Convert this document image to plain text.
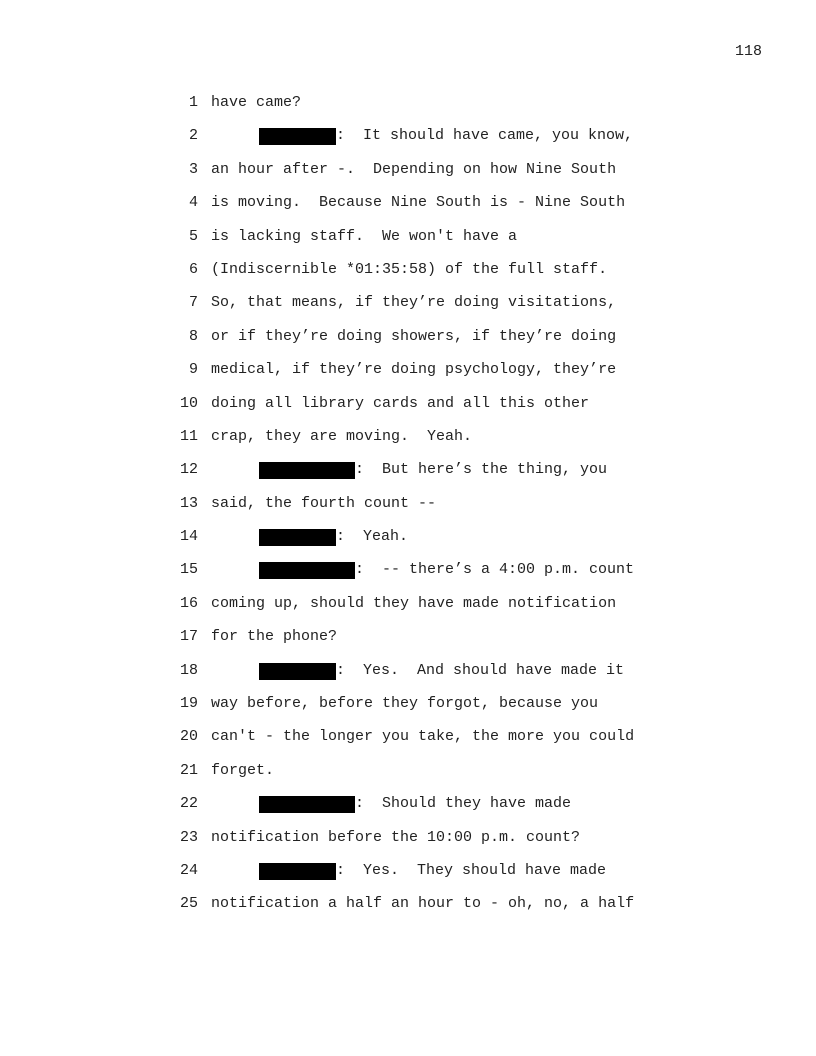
118
1 have came?
2	:  It should have came, you know,
3 an hour after -.  Depending on how Nine South
4 is moving.  Because Nine South is - Nine South
5 is lacking staff.  We won't have a
6 (Indiscernible *01:35:58) of the full staff.
7 So, that means, if they’re doing visitations,
8 or if they’re doing showers, if they’re doing
9 medical, if they’re doing psychology, they’re
10 doing all library cards and all this other
11 crap, they are moving.  Yeah.
12	:  But here’s the thing, you
13 said, the fourth count --
14	:  Yeah.
15	:  -- there’s a 4:00 p.m. count
16 coming up, should they have made notification
17 for the phone?
18	:  Yes.  And should have made it
19 way before, before they forgot, because you
20 can't - the longer you take, the more you could
21 forget.
22	:  Should they have made
23 notification before the 10:00 p.m. count?
24	:  Yes.  They should have made
25 notification a half an hour to - oh, no, a half
